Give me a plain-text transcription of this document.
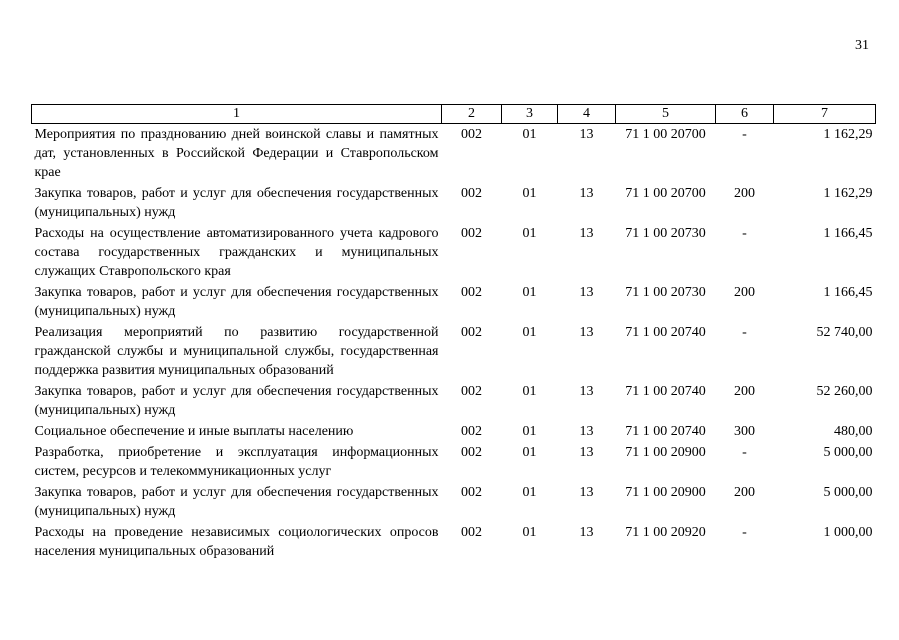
31
1	2	3	4	5	6	7
Мероприятия по празднованию дней воинской славы и памятных дат, установленных в Российской Федерации и Ставропольском крае	002	01	13	71 1 00 20700	-	1 162,29
Закупка товаров, работ и услуг для обеспечения государственных (муниципальных) нужд	002	01	13	71 1 00 20700	200	1 162,29
Расходы на осуществление автоматизированного учета кадрового состава государственных гражданских и муниципальных служащих Ставропольского края	002	01	13	71 1 00 20730	-	1 166,45
Закупка товаров, работ и услуг для обеспечения государственных (муниципальных) нужд	002	01	13	71 1 00 20730	200	1 166,45
Реализация мероприятий по развитию государственной гражданской службы и муниципальной службы, государственная поддержка развития муниципальных образований	002	01	13	71 1 00 20740	-	52 740,00
Закупка товаров, работ и услуг для обеспечения государственных (муниципальных) нужд	002	01	13	71 1 00 20740	200	52 260,00
Социальное обеспечение и иные выплаты населению	002	01	13	71 1 00 20740	300	480,00
Разработка, приобретение и эксплуатация информационных систем, ресурсов и телекоммуникационных услуг	002	01	13	71 1 00 20900	-	5 000,00
Закупка товаров, работ и услуг для обеспечения государственных (муниципальных) нужд	002	01	13	71 1 00 20900	200	5 000,00
Расходы на проведение независимых социологических опросов населения муниципальных образований	002	01	13	71 1 00 20920	-	1 000,00
